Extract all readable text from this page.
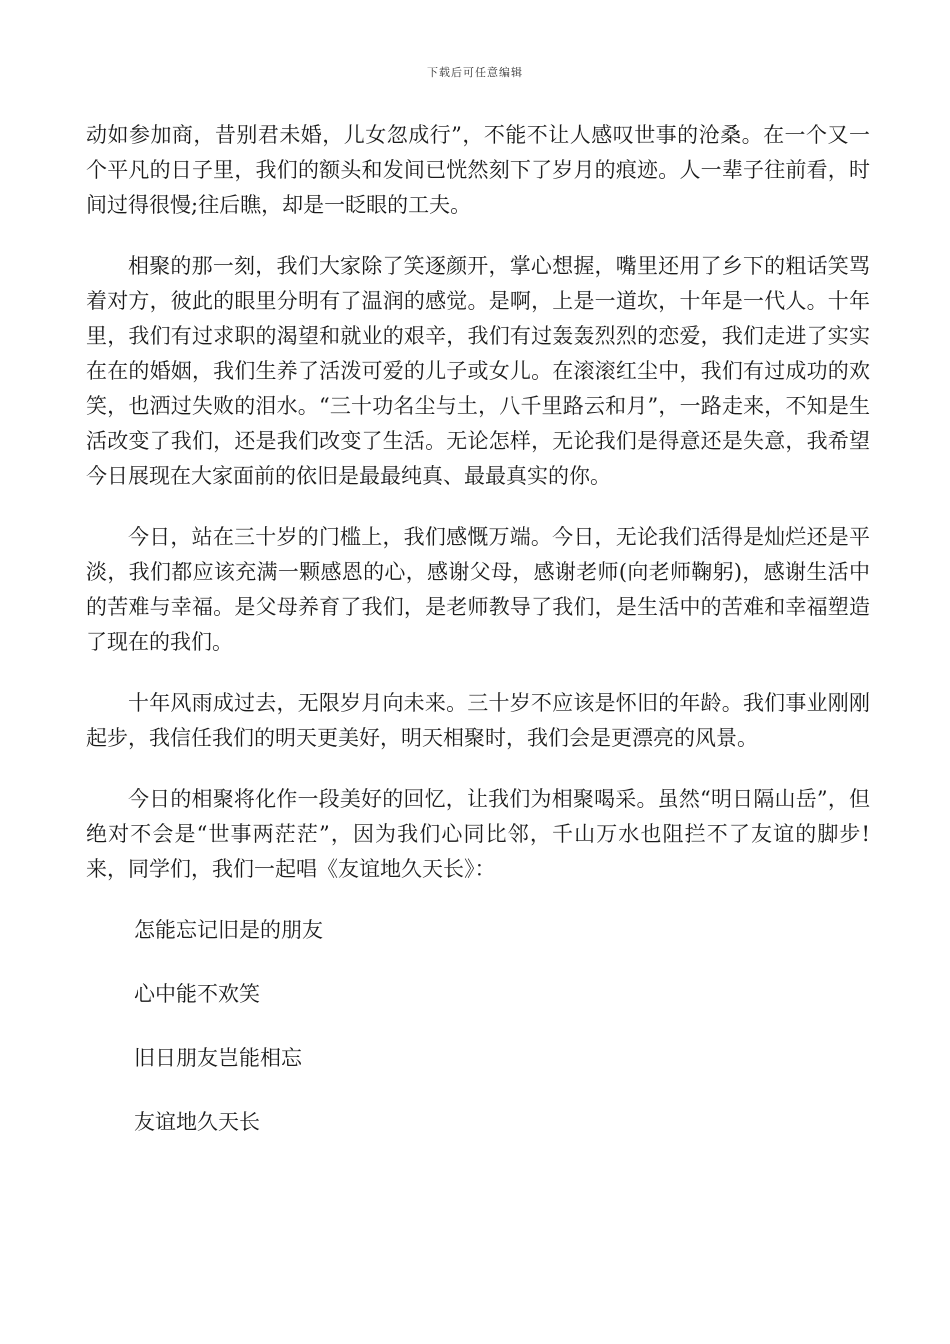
下载后可任意编辑

动如参加商，昔别君未婚，儿女忽成行”，不能不让人感叹世事的沧桑。在一个又一个平凡的日子里，我们的额头和发间已恍然刻下了岁月的痕迹。人一辈子往前看，时间过得很慢;往后瞧，却是一眨眼的工夫。

相聚的那一刻，我们大家除了笑逐颜开，掌心想握，嘴里还用了乡下的粗话笑骂着对方，彼此的眼里分明有了温润的感觉。是啊，上是一道坎，十年是一代人。十年里，我们有过求职的渴望和就业的艰辛，我们有过轰轰烈烈的恋爱，我们走进了实实在在的婚姻，我们生养了活泼可爱的儿子或女儿。在滚滚红尘中，我们有过成功的欢笑，也洒过失败的泪水。“三十功名尘与土，八千里路云和月”，一路走来，不知是生活改变了我们，还是我们改变了生活。无论怎样，无论我们是得意还是失意，我希望今日展现在大家面前的依旧是最最纯真、最最真实的你。

今日，站在三十岁的门槛上，我们感慨万端。今日，无论我们活得是灿烂还是平淡，我们都应该充满一颗感恩的心，感谢父母，感谢老师(向老师鞠躬)，感谢生活中的苦难与幸福。是父母养育了我们，是老师教导了我们，是生活中的苦难和幸福塑造了现在的我们。

十年风雨成过去，无限岁月向未来。三十岁不应该是怀旧的年龄。我们事业刚刚起步，我信任我们的明天更美好，明天相聚时，我们会是更漂亮的风景。

今日的相聚将化作一段美好的回忆，让我们为相聚喝采。虽然“明日隔山岳”，但绝对不会是“世事两茫茫”，因为我们心同比邻，千山万水也阻拦不了友谊的脚步!来，同学们，我们一起唱《友谊地久天长》：

怎能忘记旧是的朋友

心中能不欢笑

旧日朋友岂能相忘

友谊地久天长
